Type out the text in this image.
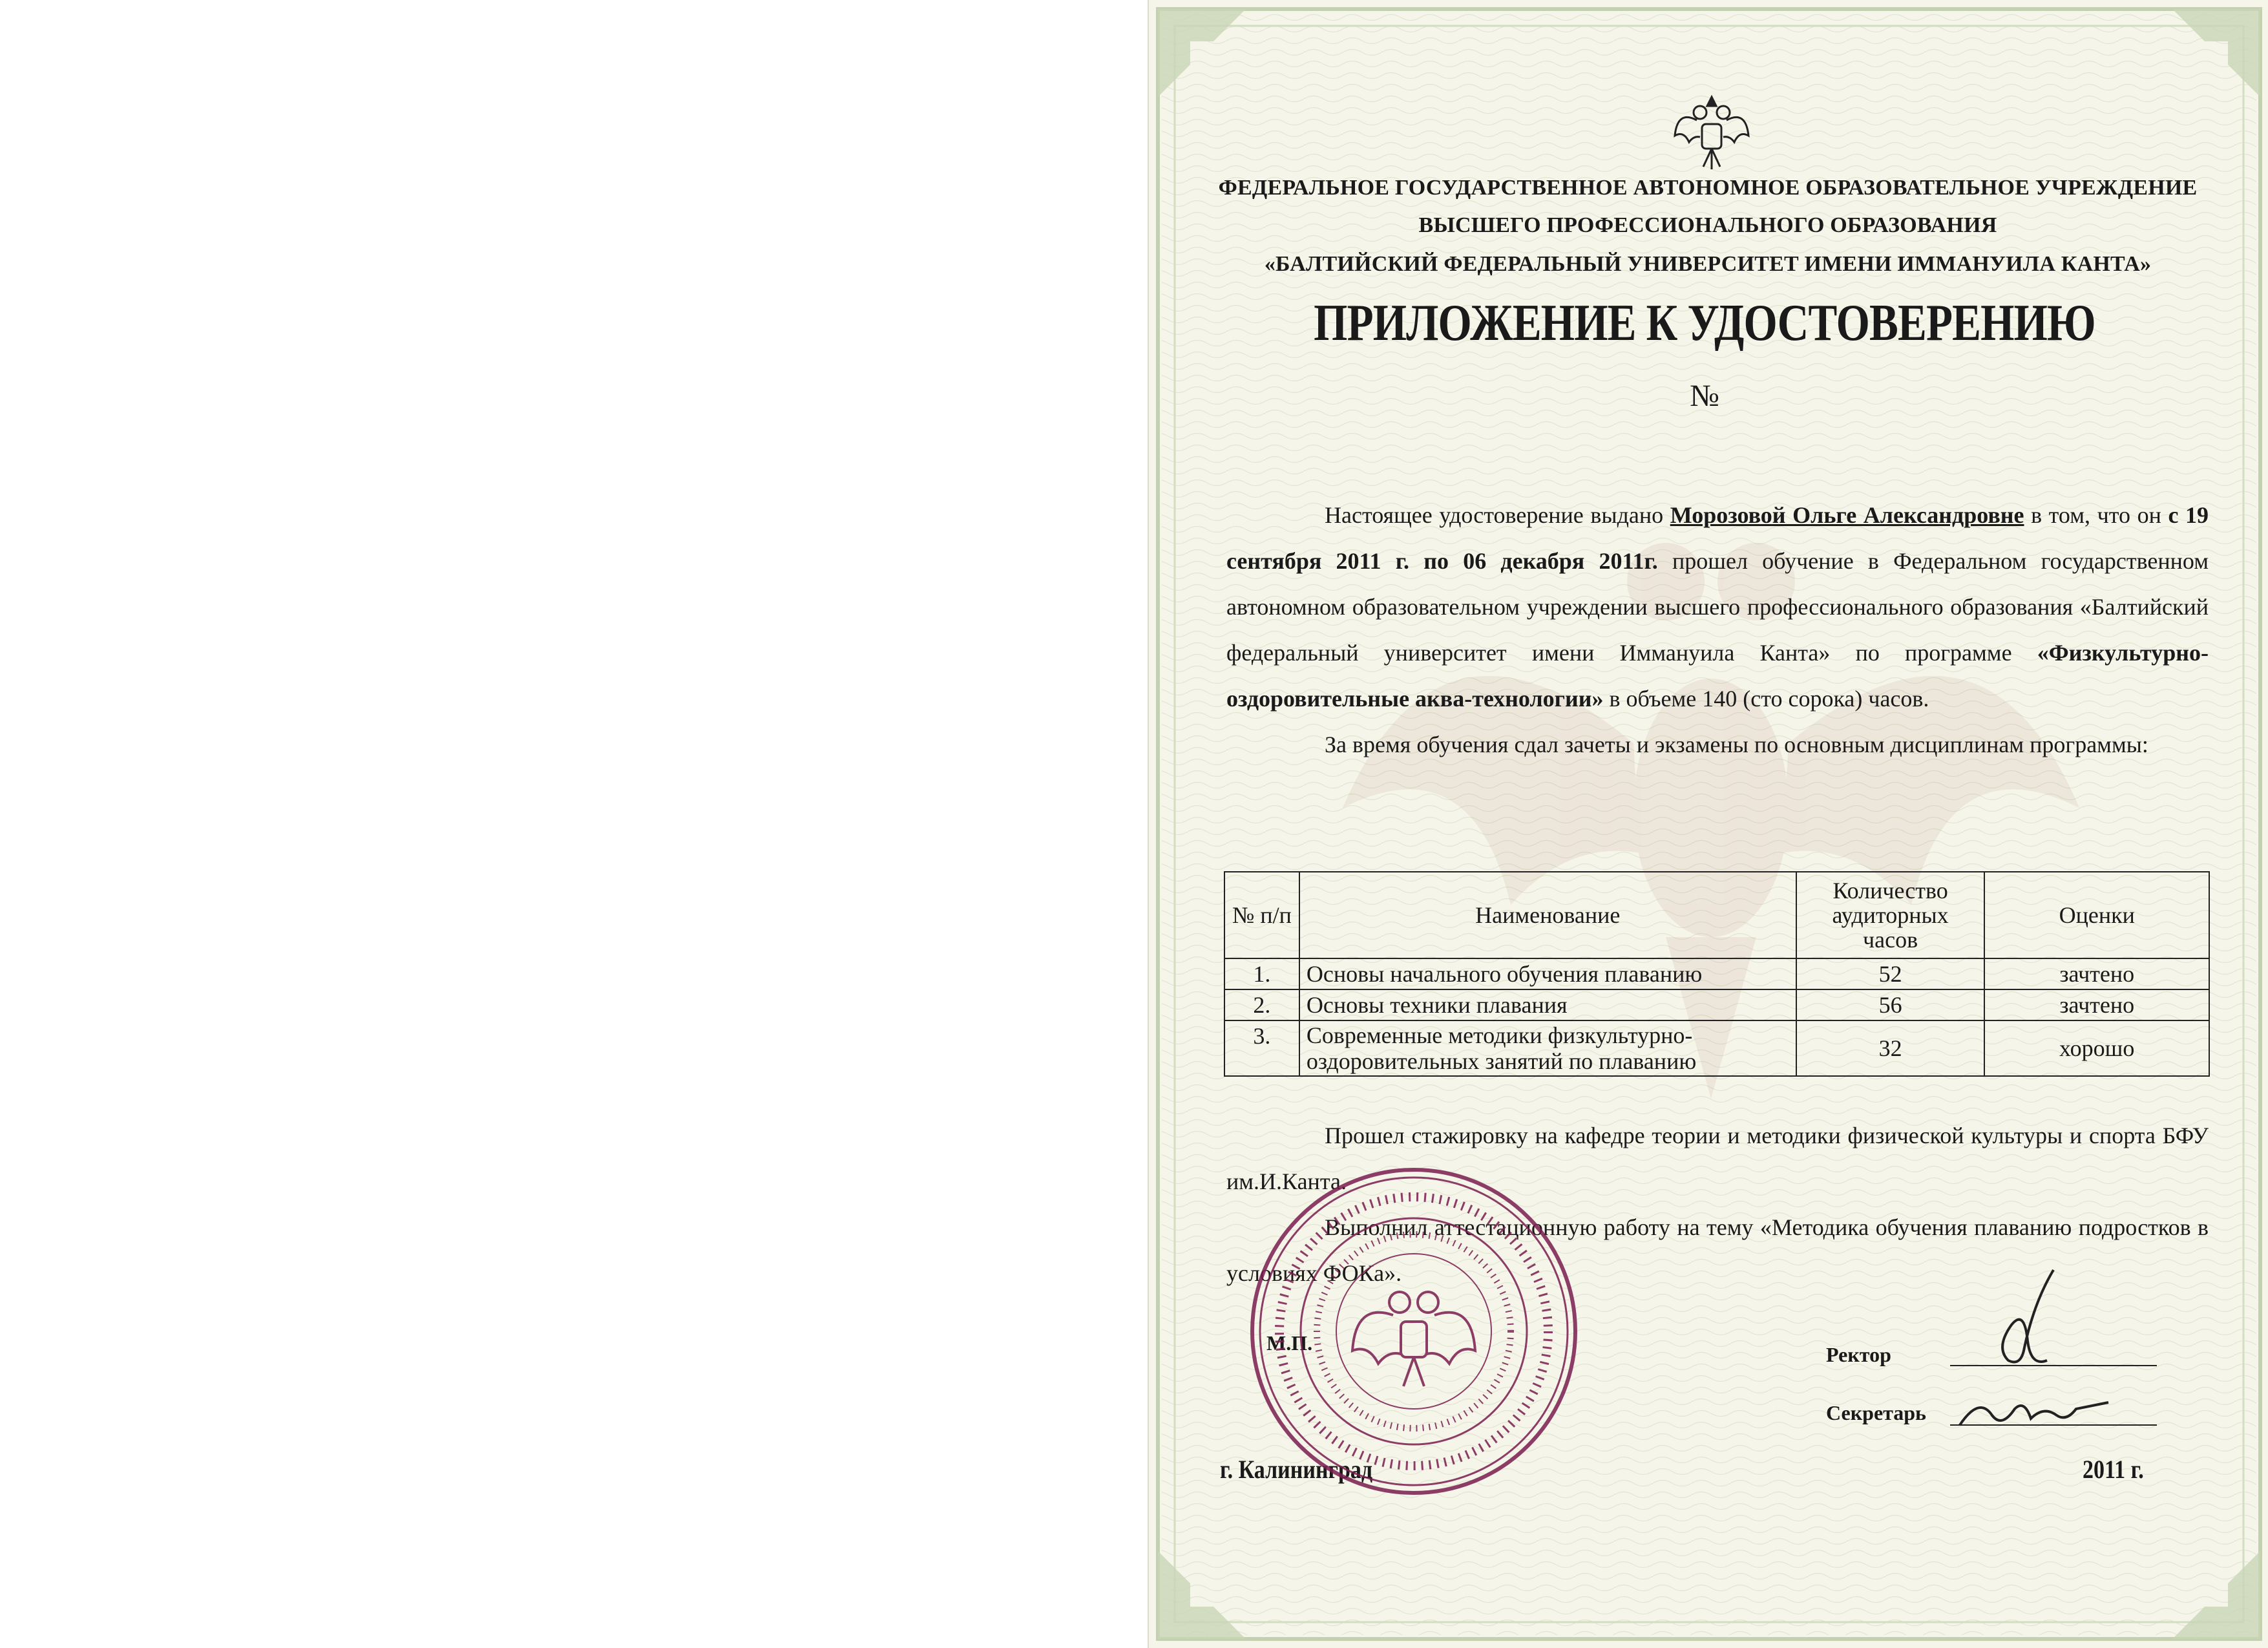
ФЕДЕРАЛЬНОЕ ГОСУДАРСТВЕННОЕ АВТОНОМНОЕ ОБРАЗОВАТЕЛЬНОЕ УЧРЕЖДЕНИЕ
ВЫСШЕГО ПРОФЕССИОНАЛЬНОГО ОБРАЗОВАНИЯ
«БАЛТИЙСКИЙ ФЕДЕРАЛЬНЫЙ УНИВЕРСИТЕТ ИМЕНИ ИММАНУИЛА КАНТА»
ПРИЛОЖЕНИЕ К УДОСТОВЕРЕНИЮ
№

Настоящее удостоверение выдано Морозовой Ольге Александровне в том, что он с 19 сентября 2011 г. по 06 декабря 2011г. прошел обучение в Федеральном государственном автономном образовательном учреждении высшего профессионального образования «Балтийский федеральный университет имени Иммануила Канта» по программе «Физкультурно-оздоровительные аква-технологии» в объеме 140 (сто сорока) часов.

За время обучения сдал зачеты и экзамены по основным дисциплинам программы:

№ п/п	Наименование	Количество аудиторных часов	Оценки
1.	Основы начального обучения плаванию	52	зачтено
2.	Основы техники плавания	56	зачтено
3.	Современные методики физкультурно-оздоровительных занятий по плаванию	32	хорошо

Прошел стажировку на кафедре теории и методики физической культуры и спорта БФУ им.И.Канта.

Выполнил аттестационную работу на тему «Методика обучения плаванию подростков в условиях ФОКа».

М.П.	Ректор
Секретарь
г. Калининград	2011 г.
